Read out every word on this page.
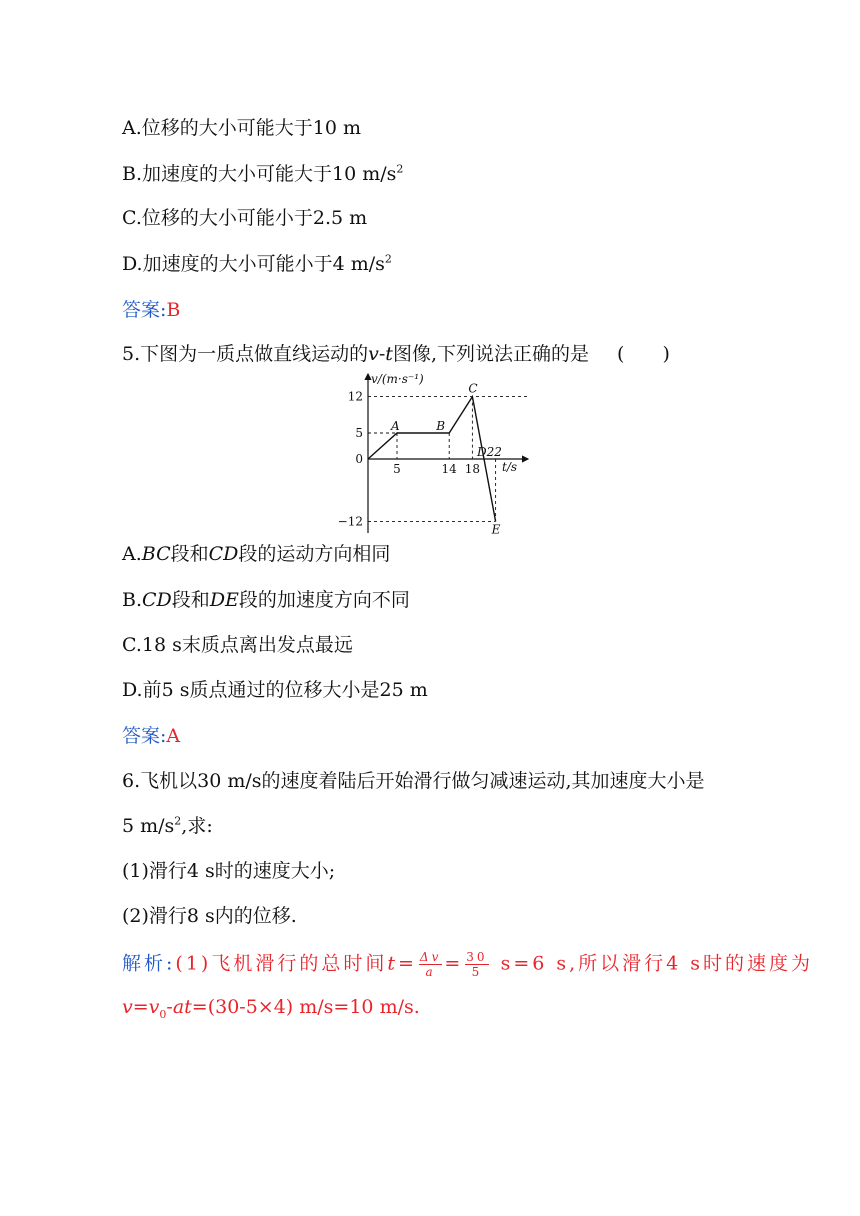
A.位移的大小可能大于10 m
B.加速度的大小可能大于10 $m/s^2$
C.位移的大小可能小于2.5 m
D.加速度的大小可能小于4 $m/s^2$
答案:B
5.下图为一质点做直线运动的v-t图像,下列说法正确的是 (　　)
v/(m·s⁻¹)
t/s
12
5
0
−12
5	14 18
A	B
C
D22
E
A.BC段和CD段的运动方向相同
B.CD段和DE段的加速度方向不同
C.18 s末质点离出发点最远
D.前5 s质点通过的位移大小是25 m
答案:A
6.飞机以30 m/s的速度着陆后开始滑行做匀减速运动,其加速度大小是
5 $m/s^2$,求:
(1)滑行4 s时的速度大小;
(2)滑行8 s内的位移.
解析:(1)飞机滑行的总时间$t= \frac{\Delta v}{a} = \frac{30}{5} s=6$ s,所以滑行4 s时的速度为
$v=v_0-at=(30-5\times 4)$ m/s=10 m/s.
